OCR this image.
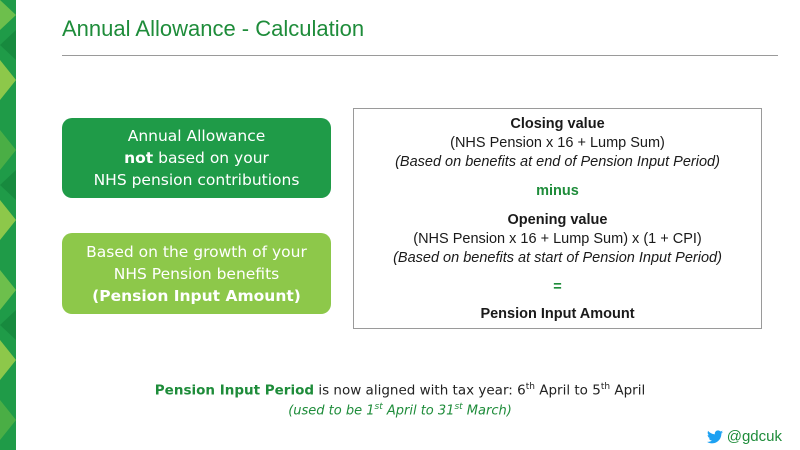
Annual Allowance - Calculation
Annual Allowance
not based on your
NHS pension contributions
Based on the growth of your
NHS Pension benefits
(Pension Input Amount)
Closing value
(NHS Pension x 16 + Lump Sum)
(Based on benefits at end of Pension Input Period)
minus
Opening value
(NHS Pension x 16 + Lump Sum) x (1 + CPI)
(Based on benefits at start of Pension Input Period)
=
Pension Input Amount
Pension Input Period is now aligned with tax year: 6th April to 5th April
(used to be 1st April to 31st March)
@gdcuk
